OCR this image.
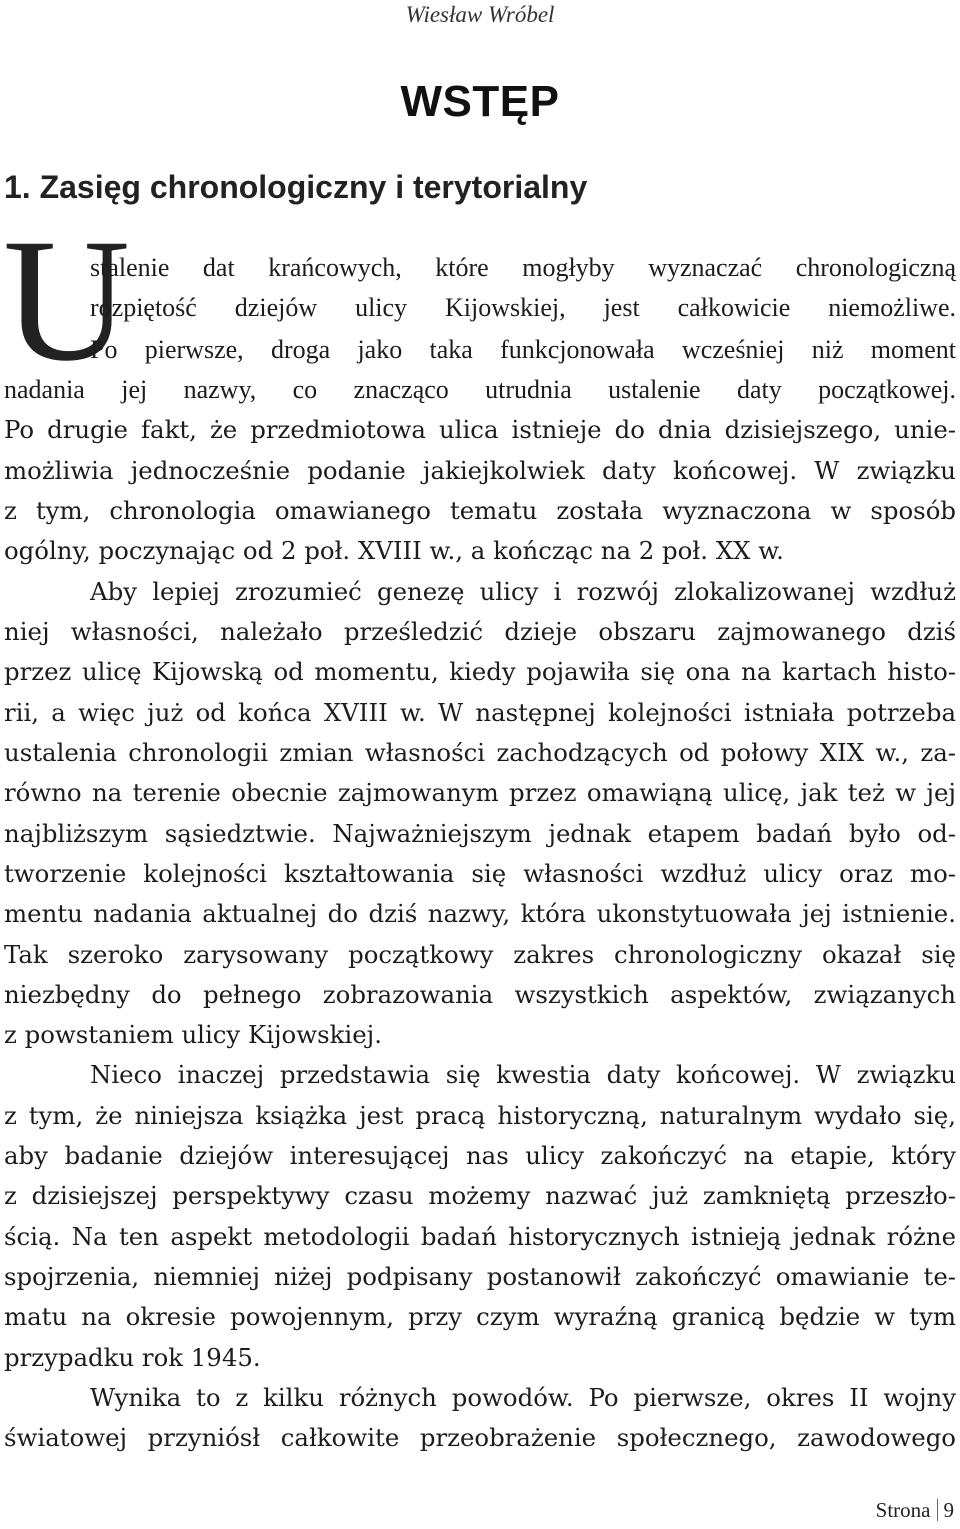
Wiesław Wróbel
WSTĘP
1. Zasięg chronologiczny i terytorialny
U
stalenie dat krańcowych, które mogłyby wyznaczać chronologiczną
rozpiętość dziejów ulicy Kijowskiej, jest całkowicie niemożliwe.
Po pierwsze, droga jako taka funkcjonowała wcześniej niż moment
nadania jej nazwy, co znacząco utrudnia ustalenie daty początkowej.
Po drugie fakt, że przedmiotowa ulica istnieje do dnia dzisiejszego, unie-
możliwia jednocześnie podanie jakiejkolwiek daty końcowej. W związku
z tym, chronologia omawianego tematu została wyznaczona w sposób
ogólny, poczynając od 2 poł. XVIII w., a kończąc na 2 poł. XX w.
Aby lepiej zrozumieć genezę ulicy i rozwój zlokalizowanej wzdłuż
niej własności, należało prześledzić dzieje obszaru zajmowanego dziś
przez ulicę Kijowską od momentu, kiedy pojawiła się ona na kartach histo-
rii, a więc już od końca XVIII w. W następnej kolejności istniała potrzeba
ustalenia chronologii zmian własności zachodzących od połowy XIX w., za-
równo na terenie obecnie zajmowanym przez omawiąną ulicę, jak też w jej
najbliższym sąsiedztwie. Najważniejszym jednak etapem badań było od-
tworzenie kolejności kształtowania się własności wzdłuż ulicy oraz mo-
mentu nadania aktualnej do dziś nazwy, która ukonstytuowała jej istnienie.
Tak szeroko zarysowany początkowy zakres chronologiczny okazał się
niezbędny do pełnego zobrazowania wszystkich aspektów, związanych
z powstaniem ulicy Kijowskiej.
Nieco inaczej przedstawia się kwestia daty końcowej. W związku
z tym, że niniejsza książka jest pracą historyczną, naturalnym wydało się,
aby badanie dziejów interesującej nas ulicy zakończyć na etapie, który
z dzisiejszej perspektywy czasu możemy nazwać już zamkniętą przeszło-
ścią. Na ten aspekt metodologii badań historycznych istnieją jednak różne
spojrzenia, niemniej niżej podpisany postanowił zakończyć omawianie te-
matu na okresie powojennym, przy czym wyraźną granicą będzie w tym
przypadku rok 1945.
Wynika to z kilku różnych powodów. Po pierwsze, okres II wojny
światowej przyniósł całkowite przeobrażenie społecznego, zawodowego
Strona 9
